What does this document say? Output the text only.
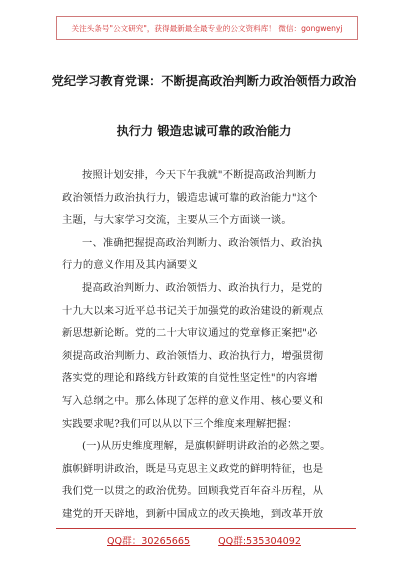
关注头条号"公文研究"，获得最新最全最专业的公文资料库！ 微信：gongwenyj
党纪学习教育党课：不断提高政治判断力政治领悟力政治
执行力 锻造忠诚可靠的政治能力
按照计划安排，今天下午我就"不断提高政治判断力
政治领悟力政治执行力，锻造忠诚可靠的政治能力"这个
主题，与大家学习交流，主要从三个方面谈一谈。
一、准确把握提高政治判断力、政治领悟力、政治执
行力的意义作用及其内涵要义
提高政治判断力、政治领悟力、政治执行力，是党的
十九大以来习近平总书记关于加强党的政治建设的新观点
新思想新论断。党的二十大审议通过的党章修正案把"必
须提高政治判断力、政治领悟力、政治执行力，增强贯彻
落实党的理论和路线方针政策的自觉性坚定性"的内容增
写入总纲之中。那么体现了怎样的意义作用、核心要义和
实践要求呢?我们可以从以下三个维度来理解把握：
(一)从历史维度理解，是旗帜鲜明讲政治的必然之要。
旗帜鲜明讲政治，既是马克思主义政党的鲜明特征，也是
我们党一以贯之的政治优势。回顾我党百年奋斗历程，从
建党的开天辟地，到新中国成立的改天换地，到改革开放
QQ群：30265665	QQ群:535304092
